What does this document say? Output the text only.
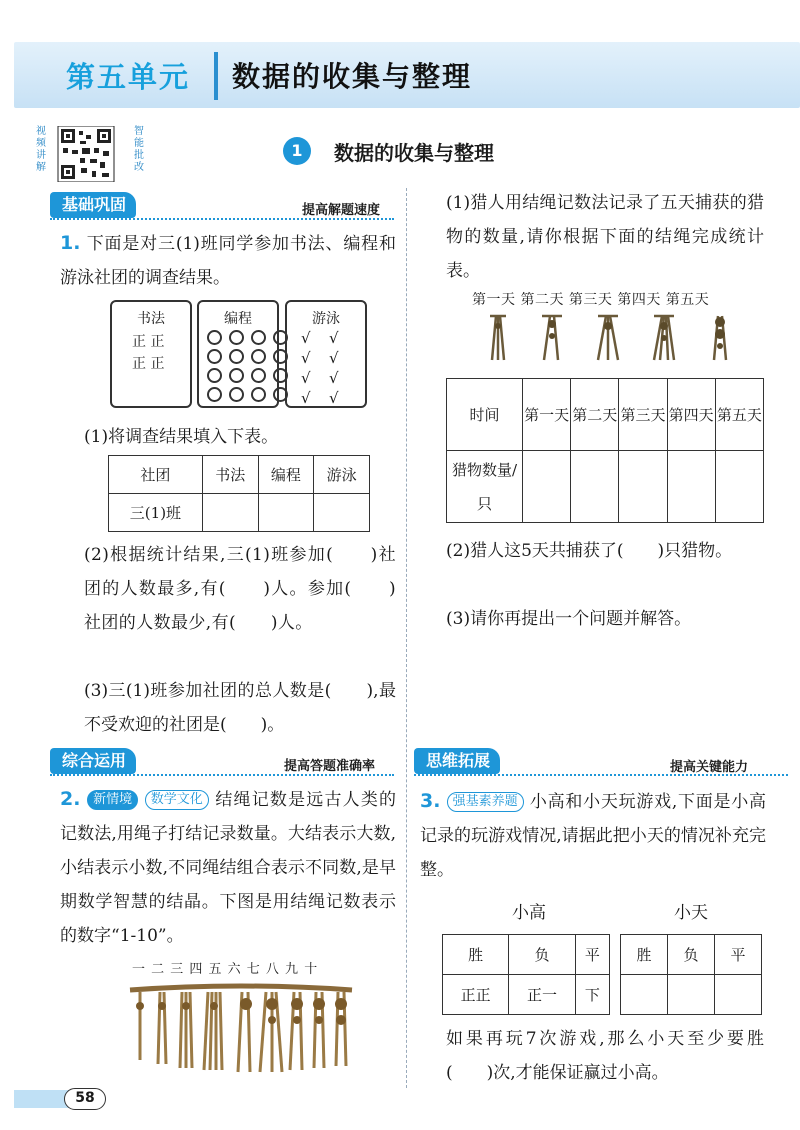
第五单元 数据的收集与整理
视频讲解
智能批改
1	数据的收集与整理
基础巩固	提高解题速度
1. 下面是对三(1)班同学参加书法、编程和游泳社团的调查结果。
书法
正 正
正 正
编程	游泳
√	√
√	√
√	√
√	√
(1)将调查结果填入下表。
社团	书法	编程	游泳
三(1)班			
(2)根据统计结果,三(1)班参加(　　)社团的人数最多,有(　　)人。参加(　　)社团的人数最少,有(　　)人。
(3)三(1)班参加社团的总人数是(　　),最不受欢迎的社团是(　　)。
综合运用	提高答题准确率
2. 新情境 数学文化 结绳记数是远古人类的记数法,用绳子打结记录数量。大结表示大数,小结表示小数,不同绳结组合表示不同数,是早期数学智慧的结晶。下图是用结绳记数表示的数字“1-10”。
一 二 三 四 五 六 七 八 九 十
(1)猎人用结绳记数法记录了五天捕获的猎物的数量,请你根据下面的结绳完成统计表。
第一天 第二天 第三天 第四天 第五天
时间	第一天	第二天	第三天	第四天	第五天
猎物数量/只					
(2)猎人这5天共捕获了(　　)只猎物。
(3)请你再提出一个问题并解答。
思维拓展	提高关键能力
3. 强基素养题 小高和小天玩游戏,下面是小高记录的玩游戏情况,请据此把小天的情况补充完整。
小高	小天
胜	负	平
正正	正一	下
胜	负	平

如果再玩7次游戏,那么小天至少要胜(　　)次,才能保证赢过小高。
58
